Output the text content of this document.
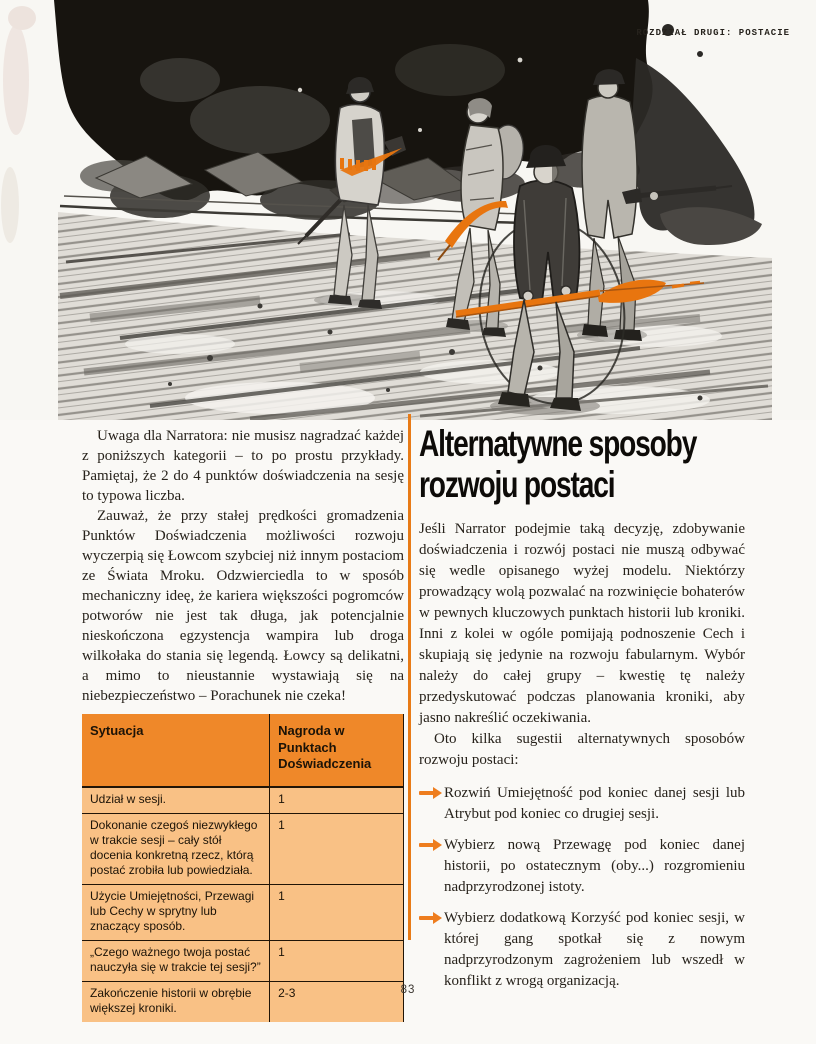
ROZDZIAŁ DRUGI: POSTACIE

Uwaga dla Narratora: nie musisz nagradzać każdej z poniższych kategorii – to po prostu przykłady. Pamiętaj, że 2 do 4 punktów doświadczenia na sesję to typowa liczba.

Zauważ, że przy stałej prędkości gromadzenia Punktów Doświadczenia możliwości rozwoju wyczerpią się Łowcom szybciej niż innym postaciom ze Świata Mroku. Odzwierciedla to w sposób mechaniczny ideę, że kariera większości pogromców potworów nie jest tak długa, jak potencjalnie nieskończona egzystencja wampira lub droga wilkołaka do stania się legendą. Łowcy są delikatni, a mimo to nieustannie wystawiają się na niebezpieczeństwo – Porachunek nie czeka!

Sytuacja	Nagroda w Punktach Doświadczenia
Udział w sesji.	1
Dokonanie czegoś niezwykłego w trakcie sesji – cały stół docenia konkretną rzecz, którą postać zrobiła lub powiedziała.	1
Użycie Umiejętności, Przewagi lub Cechy w sprytny lub znaczący sposób.	1
„Czego ważnego twoja postać nauczyła się w trakcie tej sesji?”	1
Zakończenie historii w obrębie większej kroniki.	2-3
Alternatywne sposoby
rozwoju postaci

Jeśli Narrator podejmie taką decyzję, zdobywanie doświadczenia i rozwój postaci nie muszą odbywać się wedle opisanego wyżej modelu. Niektórzy prowadzący wolą pozwalać na rozwinięcie bohaterów w pewnych kluczowych punktach historii lub kroniki. Inni z kolei w ogóle pomijają podnoszenie Cech i skupiają się jedynie na rozwoju fabularnym. Wybór należy do całej grupy – kwestię tę należy przedyskutować podczas planowania kroniki, aby jasno nakreślić oczekiwania.

Oto kilka sugestii alternatywnych sposobów rozwoju postaci:

Rozwiń Umiejętność pod koniec danej sesji lub Atrybut pod koniec co drugiej sesji.
Wybierz nową Przewagę pod koniec danej historii, po ostatecznym (oby...) rozgromieniu nadprzyrodzonej istoty.
Wybierz dodatkową Korzyść pod koniec sesji, w której gang spotkał się z nowym nadprzyrodzonym zagrożeniem lub wszedł w konflikt z wrogą organizacją.
83
